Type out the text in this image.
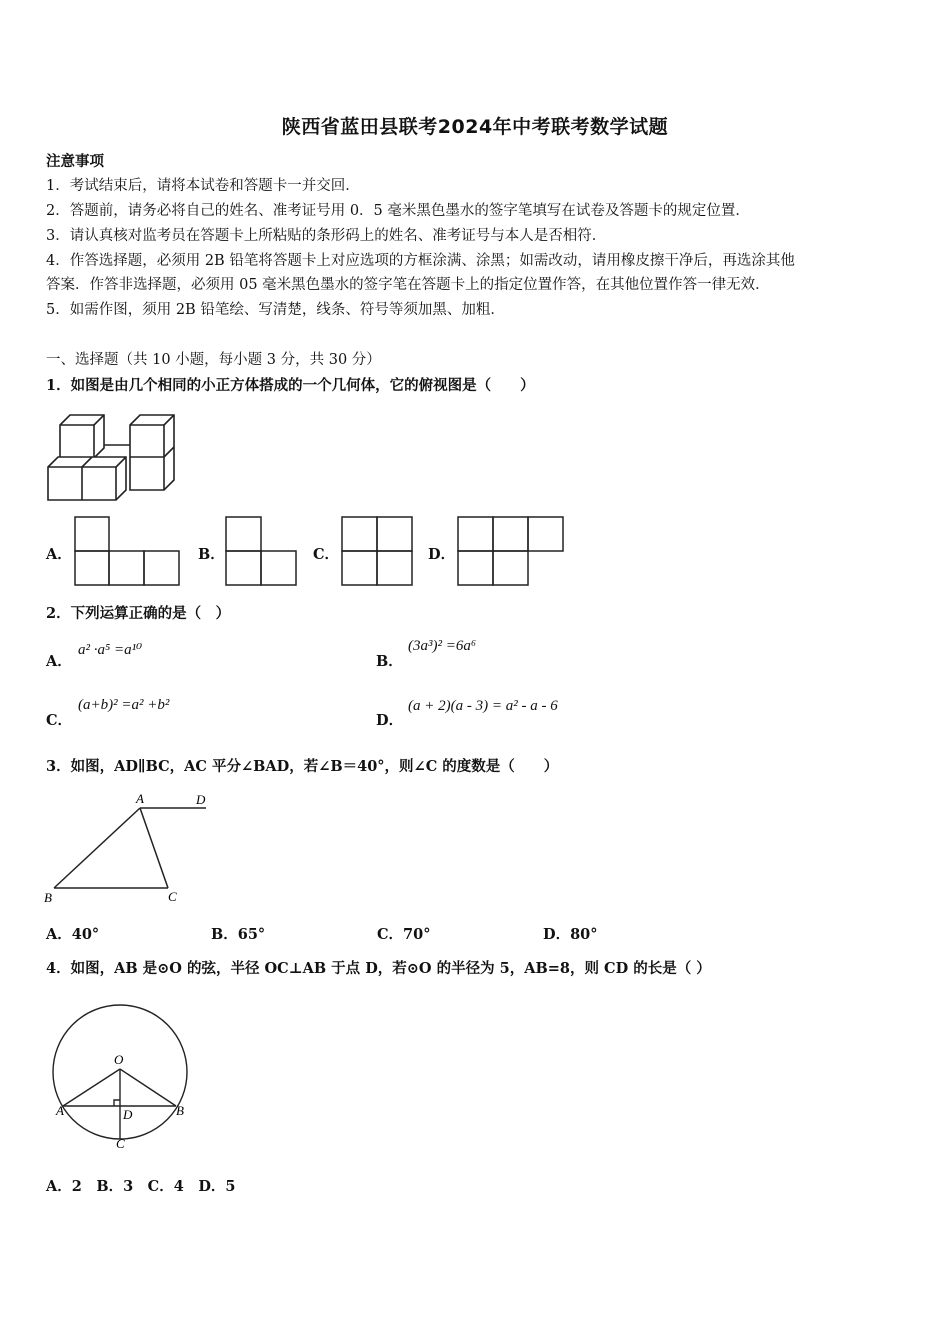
陕西省蓝田县联考2024年中考联考数学试题
注意事项
1．考试结束后，请将本试卷和答题卡一并交回．
2．答题前，请务必将自己的姓名、准考证号用 0．5 毫米黑色墨水的签字笔填写在试卷及答题卡的规定位置．
3．请认真核对监考员在答题卡上所粘贴的条形码上的姓名、准考证号与本人是否相符．
4．作答选择题，必须用 2B 铅笔将答题卡上对应选项的方框涂满、涂黑；如需改动，请用橡皮擦干净后，再选涂其他
答案．作答非选择题，必须用 05 毫米黑色墨水的签字笔在答题卡上的指定位置作答，在其他位置作答一律无效．
5．如需作图，须用 2B 铅笔绘、写清楚，线条、符号等须加黑、加粗．
一、选择题（共 10 小题，每小题 3 分，共 30 分）
1．如图是由几个相同的小正方体搭成的一个几何体，它的俯视图是（　　）
A．	B．	C．	D．
2．下列运算正确的是（　）
A．
a² ·a⁵ =a¹⁰
B．
(3a³)² =6a⁶
C．
(a+b)² =a² +b²
D．
(a + 2)(a - 3) = a² - a - 6
3．如图，AD∥BC，AC 平分∠BAD，若∠B＝40°，则∠C 的度数是（　　）
A	D
B	C
A．40°	B．65°	C．70°	D．80°
4．如图，AB 是⊙O 的弦，半径 OC⊥AB 于点 D，若⊙O 的半径为 5，AB=8，则 CD 的长是（ ）
O
A	B
D
C
A．2　B．3　C．4　D．5
